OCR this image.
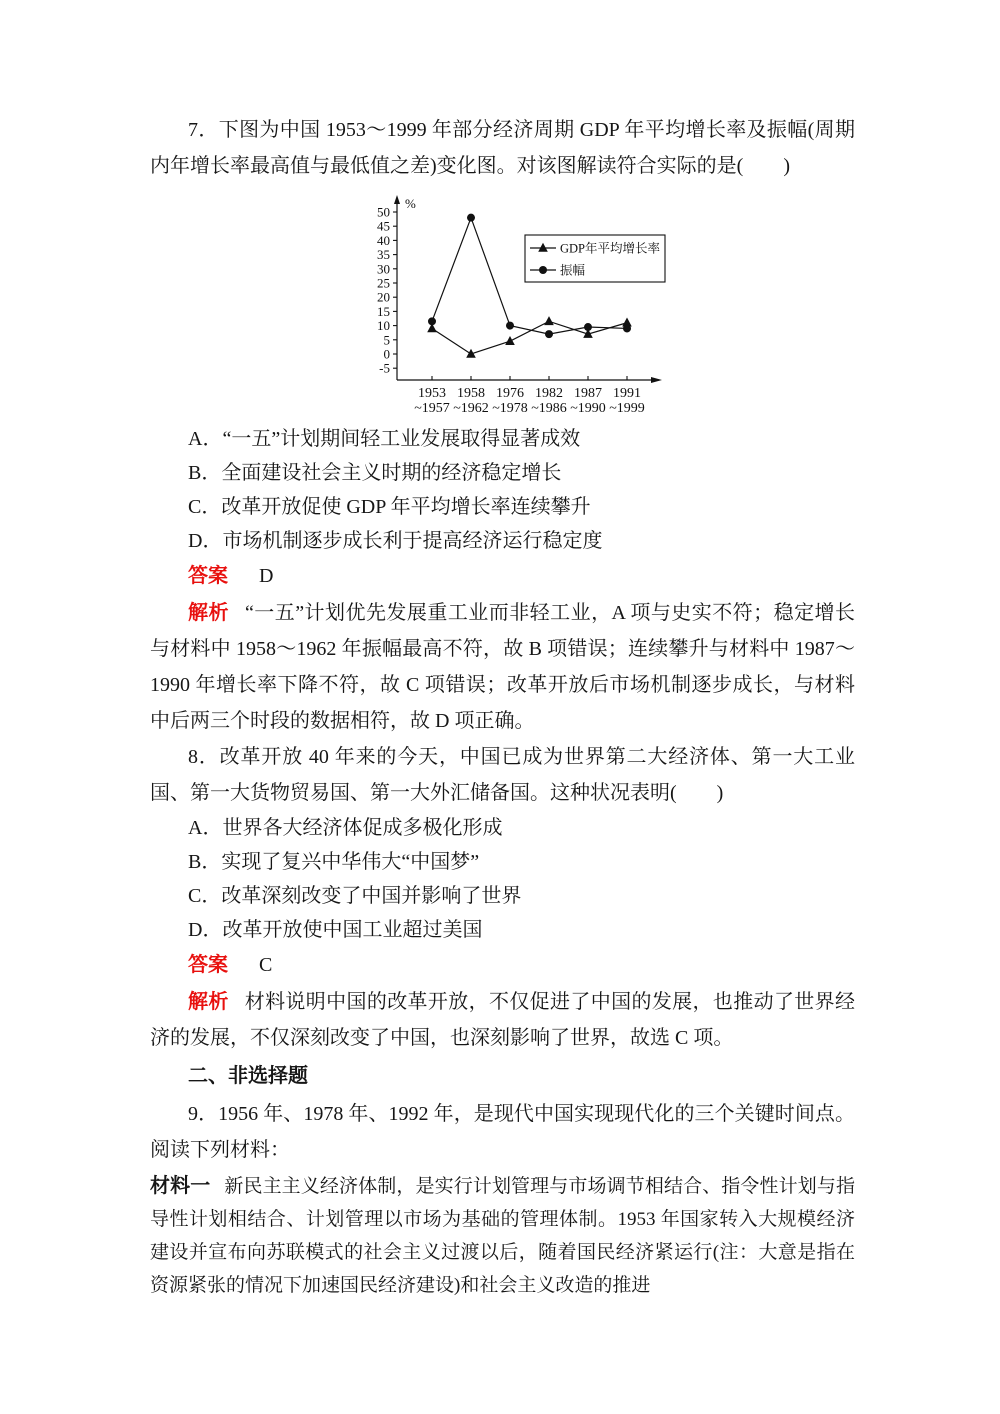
7．下图为中国 1953～1999 年部分经济周期 GDP 年平均增长率及振幅(周期内年增长率最高值与最低值之差)变化图。对该图解读符合实际的是(　　)

%
50
45
40
35
30
25
20
15
10
5
0
-5
1953
~1957
1958
~1962
1976
~1978
1982
~1986
1987
~1990
1991
~1999
GDP年平均增长率
振幅

A．“一五”计划期间轻工业发展取得显著成效

B．全面建设社会主义时期的经济稳定增长

C．改革开放促使 GDP 年平均增长率连续攀升

D．市场机制逐步成长利于提高经济运行稳定度

答案 D

解析 “一五”计划优先发展重工业而非轻工业，A 项与史实不符；稳定增长与材料中 1958～1962 年振幅最高不符，故 B 项错误；连续攀升与材料中 1987～1990 年增长率下降不符，故 C 项错误；改革开放后市场机制逐步成长，与材料中后两三个时段的数据相符，故 D 项正确。

8．改革开放 40 年来的今天，中国已成为世界第二大经济体、第一大工业国、第一大货物贸易国、第一大外汇储备国。这种状况表明(　　)

A．世界各大经济体促成多极化形成

B．实现了复兴中华伟大“中国梦”

C．改革深刻改变了中国并影响了世界

D．改革开放使中国工业超过美国

答案 C

解析 材料说明中国的改革开放，不仅促进了中国的发展，也推动了世界经济的发展，不仅深刻改变了中国，也深刻影响了世界，故选 C 项。

二、非选择题

9．1956 年、1978 年、1992 年，是现代中国实现现代化的三个关键时间点。阅读下列材料：

材料一 新民主主义经济体制，是实行计划管理与市场调节相结合、指令性计划与指导性计划相结合、计划管理以市场为基础的管理体制。1953 年国家转入大规模经济建设并宣布向苏联模式的社会主义过渡以后，随着国民经济紧运行(注：大意是指在资源紧张的情况下加速国民经济建设)和社会主义改造的推进
